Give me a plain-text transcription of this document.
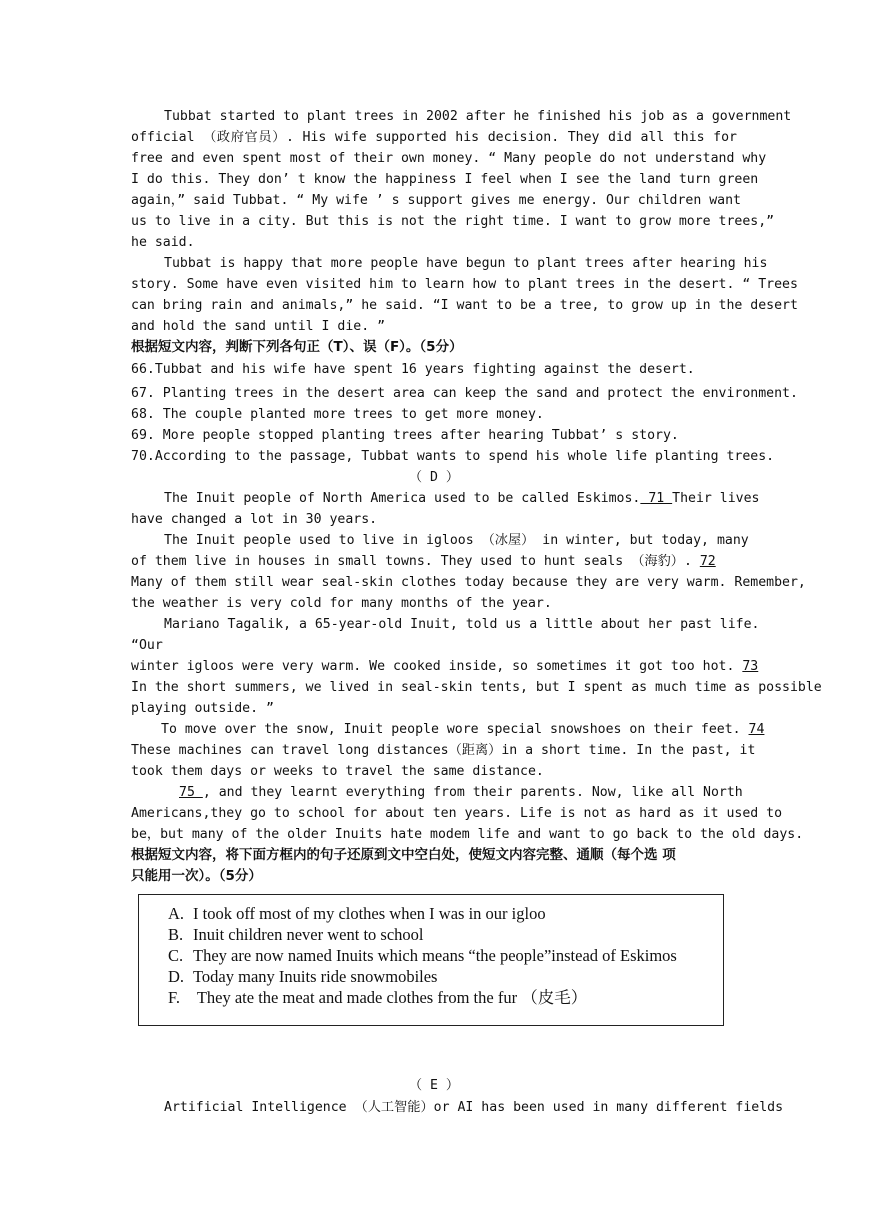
Tubbat started to plant trees in 2002 after he finished his job as a government
official （政府官员）. His wife supported his decision. They did all this for
free and even spent most of their own money. “ Many people do not understand why
I do this. They don’ t know the happiness I feel when I see the land turn green
again，” said Tubbat. “ My wife ’ s support gives me energy. Our children want
us to live in a city. But this is not the right time. I want to grow more trees,”
he said.
Tubbat is happy that more people have begun to plant trees after hearing his
story. Some have even visited him to learn how to plant trees in the desert. “ Trees
can bring rain and animals,” he said. “I want to be a tree, to grow up in the desert
and hold the sand until I die. ”
根据短文内容，判断下列各句正（T）、误（F）。（5分）
66.Tubbat and his wife have spent 16 years fighting against the desert.
67. Planting trees in the desert area can keep the sand and protect the environment.
68. The couple planted more trees to get more money.
69. More people stopped planting trees after hearing Tubbat’ s story.
70.According to the passage, Tubbat wants to spend his whole life planting trees.
（ D ）
The Inuit people of North America used to be called Eskimos. 71 Their lives
have changed a lot in 30 years.
The Inuit people used to live in igloos （冰屋） in winter, but today, many
of them live in houses in small towns. They used to hunt seals （海豹）. 72
Many of them still wear seal-skin clothes today because they are very warm. Remember,
the weather is very cold for many months of the year.
Mariano Tagalik, a 65-year-old Inuit, told us a little about her past life.
“Our
winter igloos were very warm. We cooked inside, so sometimes it got too hot. 73
In the short summers, we lived in seal-skin tents, but I spent as much time as possible
playing outside. ”
To move over the snow, Inuit people wore special snowshoes on their feet. 74
These machines can travel long distances（距离）in a short time. In the past, it
took them days or weeks to travel the same distance.
75 , and they learnt everything from their parents. Now, like all North
Americans,they go to school for about ten years. Life is not as hard as it used to
be，but many of the older Inuits hate modem life and want to go back to the old days.
根据短文内容，将下面方框内的句子还原到文中空白处，使短文内容完整、通顺（每个选 项
只能用一次）。（5分）
A. I took off most of my clothes when I was in our igloo
B. Inuit children never went to school
C. They are now named Inuits which means “the people”instead of Eskimos
D. Today many Inuits ride snowmobiles
F. They ate the meat and made clothes from the fur （皮毛）
（ E ）
Artificial Intelligence （人工智能）or AI has been used in many different fields
